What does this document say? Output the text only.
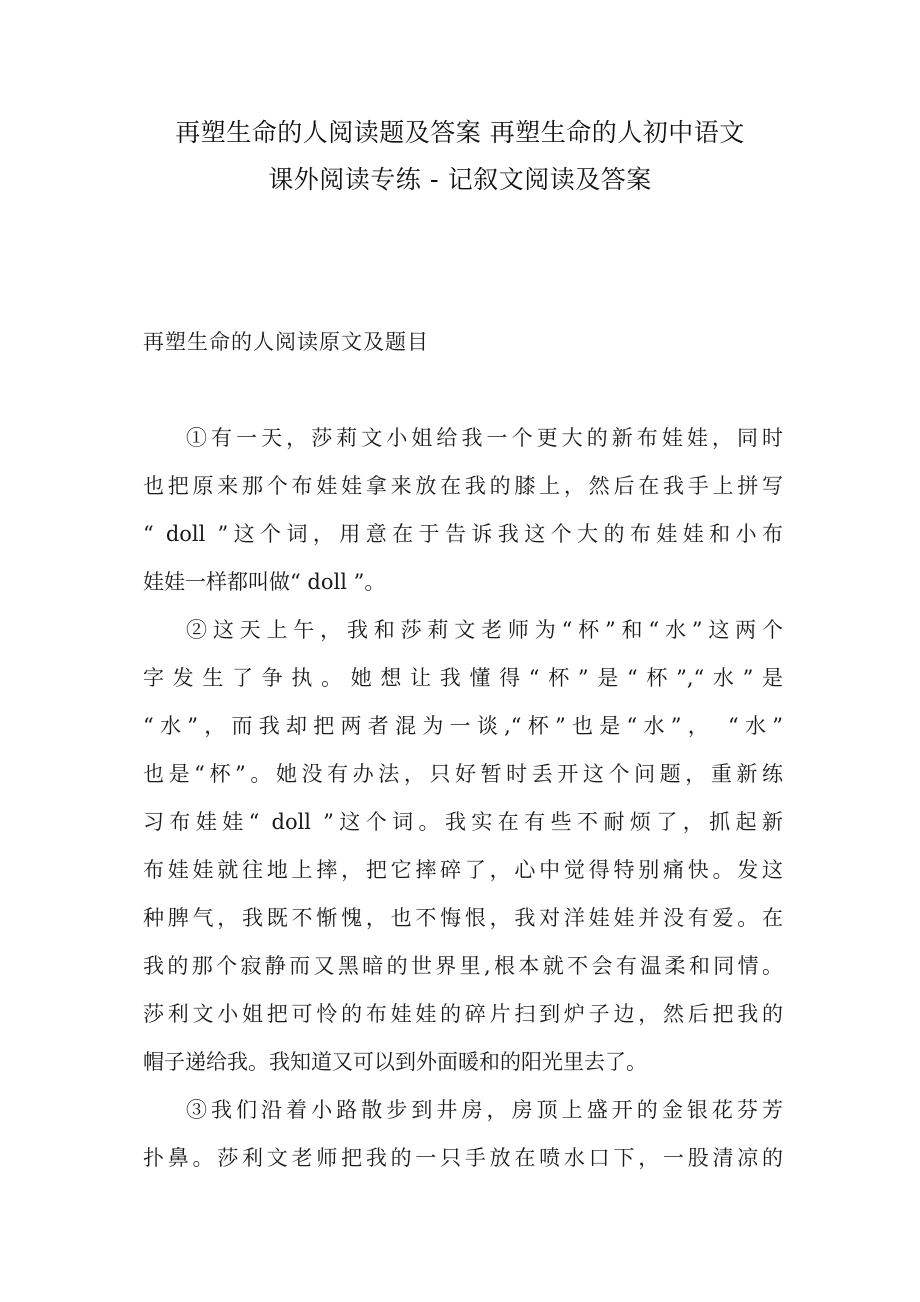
再塑生命的人阅读题及答案 再塑生命的人初中语文
课外阅读专练 - 记叙文阅读及答案
再塑生命的人阅读原文及题目
①有一天，莎莉文小姐给我一个更大的新布娃娃，同时
也把原来那个布娃娃拿来放在我的膝上，然后在我手上拼写
“ doll ”这个词，用意在于告诉我这个大的布娃娃和小布
娃娃一样都叫做“ doll ”。
②这天上午，我和莎莉文老师为“杯”和“水”这两个
字发生了争执。她想让我懂得“杯”是“杯”,“水”是
“水”，而我却把两者混为一谈,“杯”也是“水”， “水”
也是“杯”。她没有办法，只好暂时丢开这个问题，重新练
习布娃娃“ doll ”这个词。我实在有些不耐烦了，抓起新
布娃娃就往地上摔，把它摔碎了，心中觉得特别痛快。发这
种脾气，我既不惭愧，也不悔恨，我对洋娃娃并没有爱。在
我的那个寂静而又黑暗的世界里,根本就不会有温柔和同情。
莎利文小姐把可怜的布娃娃的碎片扫到炉子边，然后把我的
帽子递给我。我知道又可以到外面暖和的阳光里去了。
③我们沿着小路散步到井房，房顶上盛开的金银花芬芳
扑鼻。莎利文老师把我的一只手放在喷水口下，一股清凉的
